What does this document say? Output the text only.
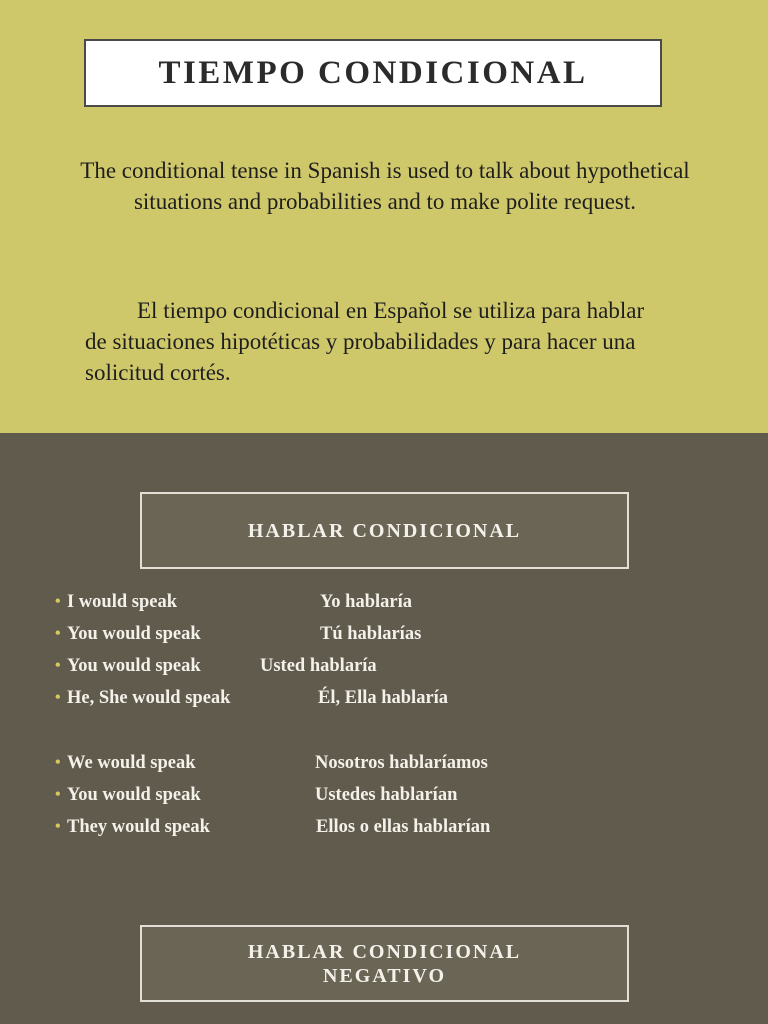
TIEMPO CONDICIONAL
The conditional tense in Spanish is used to talk about hypothetical situations and probabilities and to make polite request.
El tiempo condicional en Español se utiliza para hablar de situaciones hipotéticas y probabilidades y para hacer una solicitud cortés.
HABLAR CONDICIONAL
• I would speak	Yo hablaría
• You would speak	Tú hablarías
• You would speak	Usted hablaría
• He, She would speak	Él, Ella hablaría
• We would speak	Nosotros hablaríamos
• You would speak	Ustedes hablarían
• They would speak	Ellos o ellas hablarían
HABLAR CONDICIONAL
NEGATIVO
